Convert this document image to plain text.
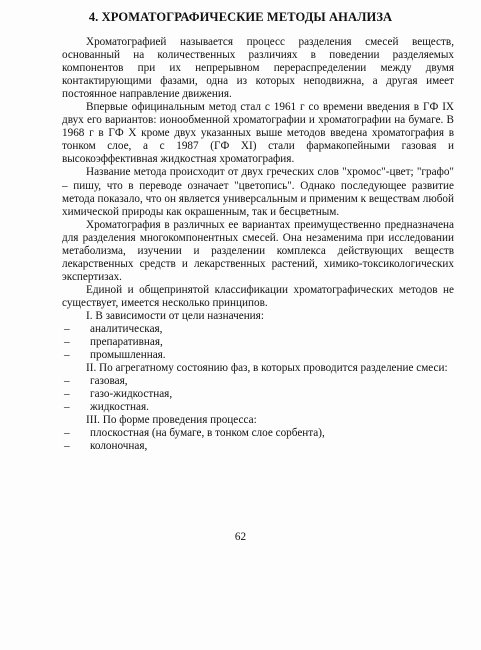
4. ХРОМАТОГРАФИЧЕСКИЕ МЕТОДЫ АНАЛИЗА

Хроматографией называется процесс разделения смесей веществ, основанный на количественных различиях в поведении разделяемых компонентов при их непрерывном перераспределении между двумя контактирующими фазами, одна из которых неподвижна, а другая имеет постоянное направление движения.

Впервые официнальным метод стал с 1961 г со времени введения в ГФ IX двух его вариантов: ионообменной хроматографии и хроматографии на бумаге. В 1968 г в ГФ X кроме двух указанных выше методов введена хроматография в тонком слое, а с 1987 (ГФ XI) стали фармакопейными газовая и высокоэффективная жидкостная хроматография.

Название метода происходит от двух греческих слов "хромос"-цвет; "графо" – пишу, что в переводе означает "цветопись". Однако последующее развитие метода показало, что он является универсальным и применим к веществам любой химической природы как окрашенным, так и бесцветным.

Хроматография в различных ее вариантах преимущественно предназначена для разделения многокомпонентных смесей. Она незаменима при исследовании метаболизма, изучении и разделении комплекса действующих веществ лекарственных средств и лекарственных растений, химико-токсикологических экспертизах.

Единой и общепринятой классификации хроматографических методов не существует, имеется несколько принципов.

I. В зависимости от цели назначения:

– аналитическая,
– препаративная,
– промышленная.

II. По агрегатному состоянию фаз, в которых проводится разделение смеси:

– газовая,
– газо-жидкостная,
– жидкостная.

III. По форме проведения процесса:

– плоскостная (на бумаге, в тонком слое сорбента),
– колоночная,
62
